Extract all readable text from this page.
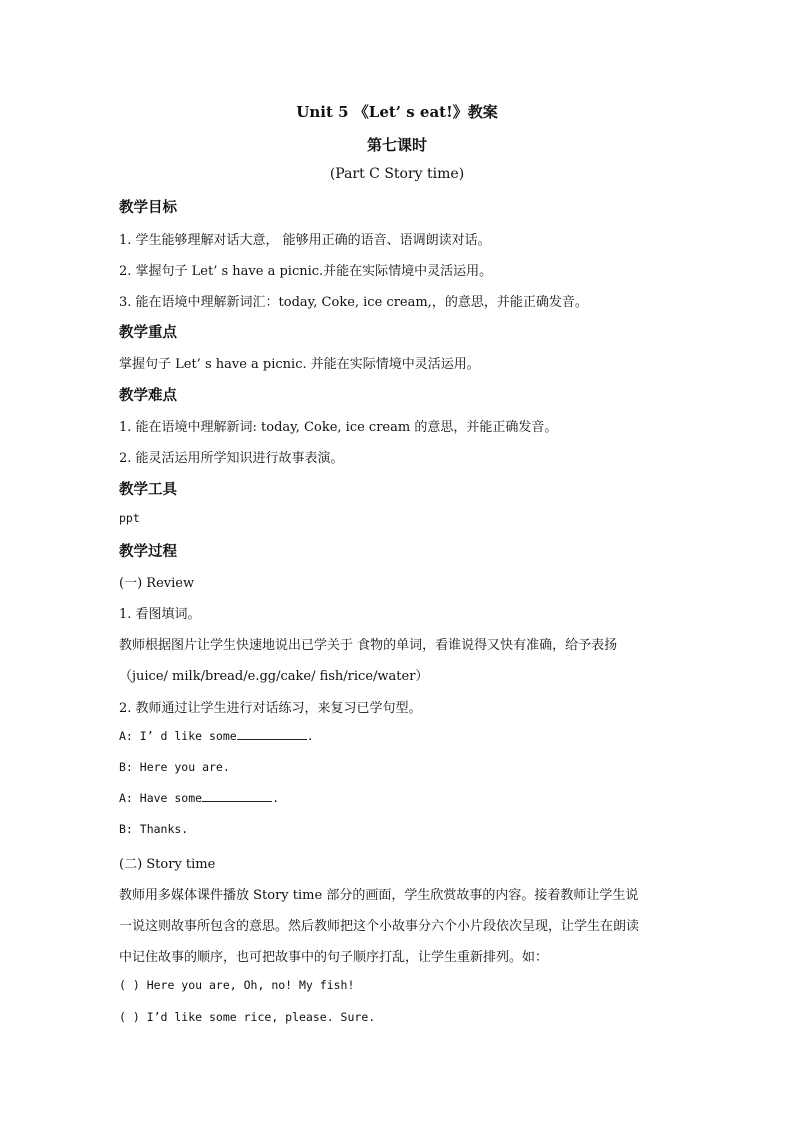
Unit 5 《Let’ s eat!》教案
第七课时
(Part C Story time)
教学目标
1. 学生能够理解对话大意， 能够用正确的语音、语调朗读对话。
2. 掌握句子 Let’ s have a picnic.并能在实际情境中灵活运用。
3. 能在语境中理解新词汇：today, Coke, ice cream,，的意思，并能正确发音。
教学重点
掌握句子 Let’ s have a picnic. 并能在实际情境中灵活运用。
教学难点
1. 能在语境中理解新词: today, Coke, ice cream 的意思，并能正确发音。
2. 能灵活运用所学知识进行故事表演。
教学工具
ppt
教学过程
(一) Review
1. 看图填词。
教师根据图片让学生快速地说出已学关于 食物的单词，看谁说得又快有准确，给予表扬
（juice/ milk/bread/e.gg/cake/ fish/rice/water）
2. 教师通过让学生进行对话练习，来复习已学句型。
A: I’ d like some	.
B: Here you are.
A: Have some	.
B: Thanks.
(二) Story time
教师用多媒体课件播放 Story time 部分的画面，学生欣赏故事的内容。接着教师让学生说
一说这则故事所包含的意思。然后教师把这个小故事分六个小片段依次呈现，让学生在朗读
中记住故事的顺序，也可把故事中的句子顺序打乱，让学生重新排列。如：
( ) Here you are, Oh, no! My fish!
( ) I’d like some rice, please. Sure.
